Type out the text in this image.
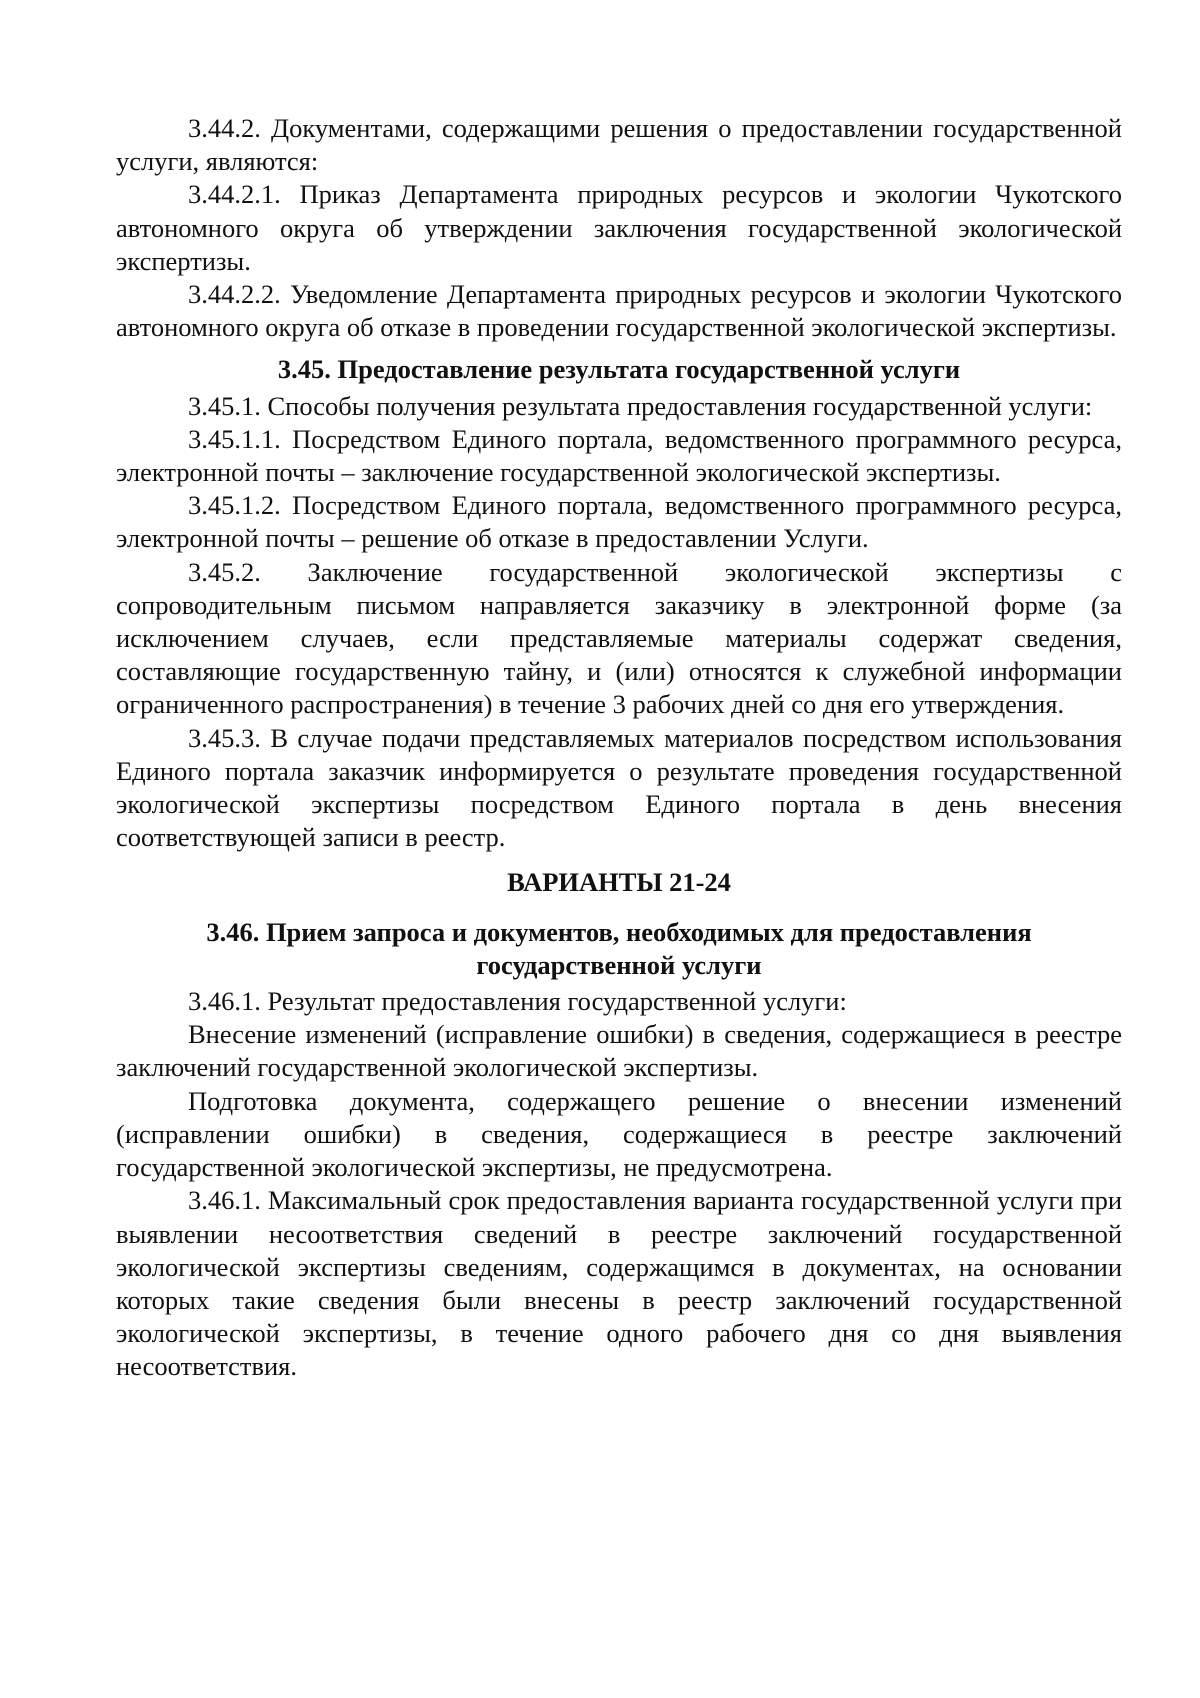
3.44.2. Документами, содержащими решения о предоставлении государственной услуги, являются:

3.44.2.1. Приказ Департамента природных ресурсов и экологии Чукотского автономного округа об утверждении заключения государственной экологической экспертизы.

3.44.2.2. Уведомление Департамента природных ресурсов и экологии Чукотского автономного округа об отказе в проведении государственной экологической экспертизы.

3.45. Предоставление результата государственной услуги

3.45.1. Способы получения результата предоставления государственной услуги:

3.45.1.1. Посредством Единого портала, ведомственного программного ресурса, электронной почты – заключение государственной экологической экспертизы.

3.45.1.2. Посредством Единого портала, ведомственного программного ресурса, электронной почты – решение об отказе в предоставлении Услуги.

3.45.2. Заключение государственной экологической экспертизы с сопроводительным письмом направляется заказчику в электронной форме (за исключением случаев, если представляемые материалы содержат сведения, составляющие государственную тайну, и (или) относятся к служебной информации ограниченного распространения) в течение 3 рабочих дней со дня его утверждения.

3.45.3. В случае подачи представляемых материалов посредством использования Единого портала заказчик информируется о результате проведения государственной экологической экспертизы посредством Единого портала в день внесения соответствующей записи в реестр.

ВАРИАНТЫ 21-24

3.46. Прием запроса и документов, необходимых для предоставления
государственной услуги

3.46.1. Результат предоставления государственной услуги:

Внесение изменений (исправление ошибки) в сведения, содержащиеся в реестре заключений государственной экологической экспертизы.

Подготовка документа, содержащего решение о внесении изменений (исправлении ошибки) в сведения, содержащиеся в реестре заключений государственной экологической экспертизы, не предусмотрена.

3.46.1. Максимальный срок предоставления варианта государственной услуги при выявлении несоответствия сведений в реестре заключений государственной экологической экспертизы сведениям, содержащимся в документах, на основании которых такие сведения были внесены в реестр заключений государственной экологической экспертизы, в течение одного рабочего дня со дня выявления несоответствия.
